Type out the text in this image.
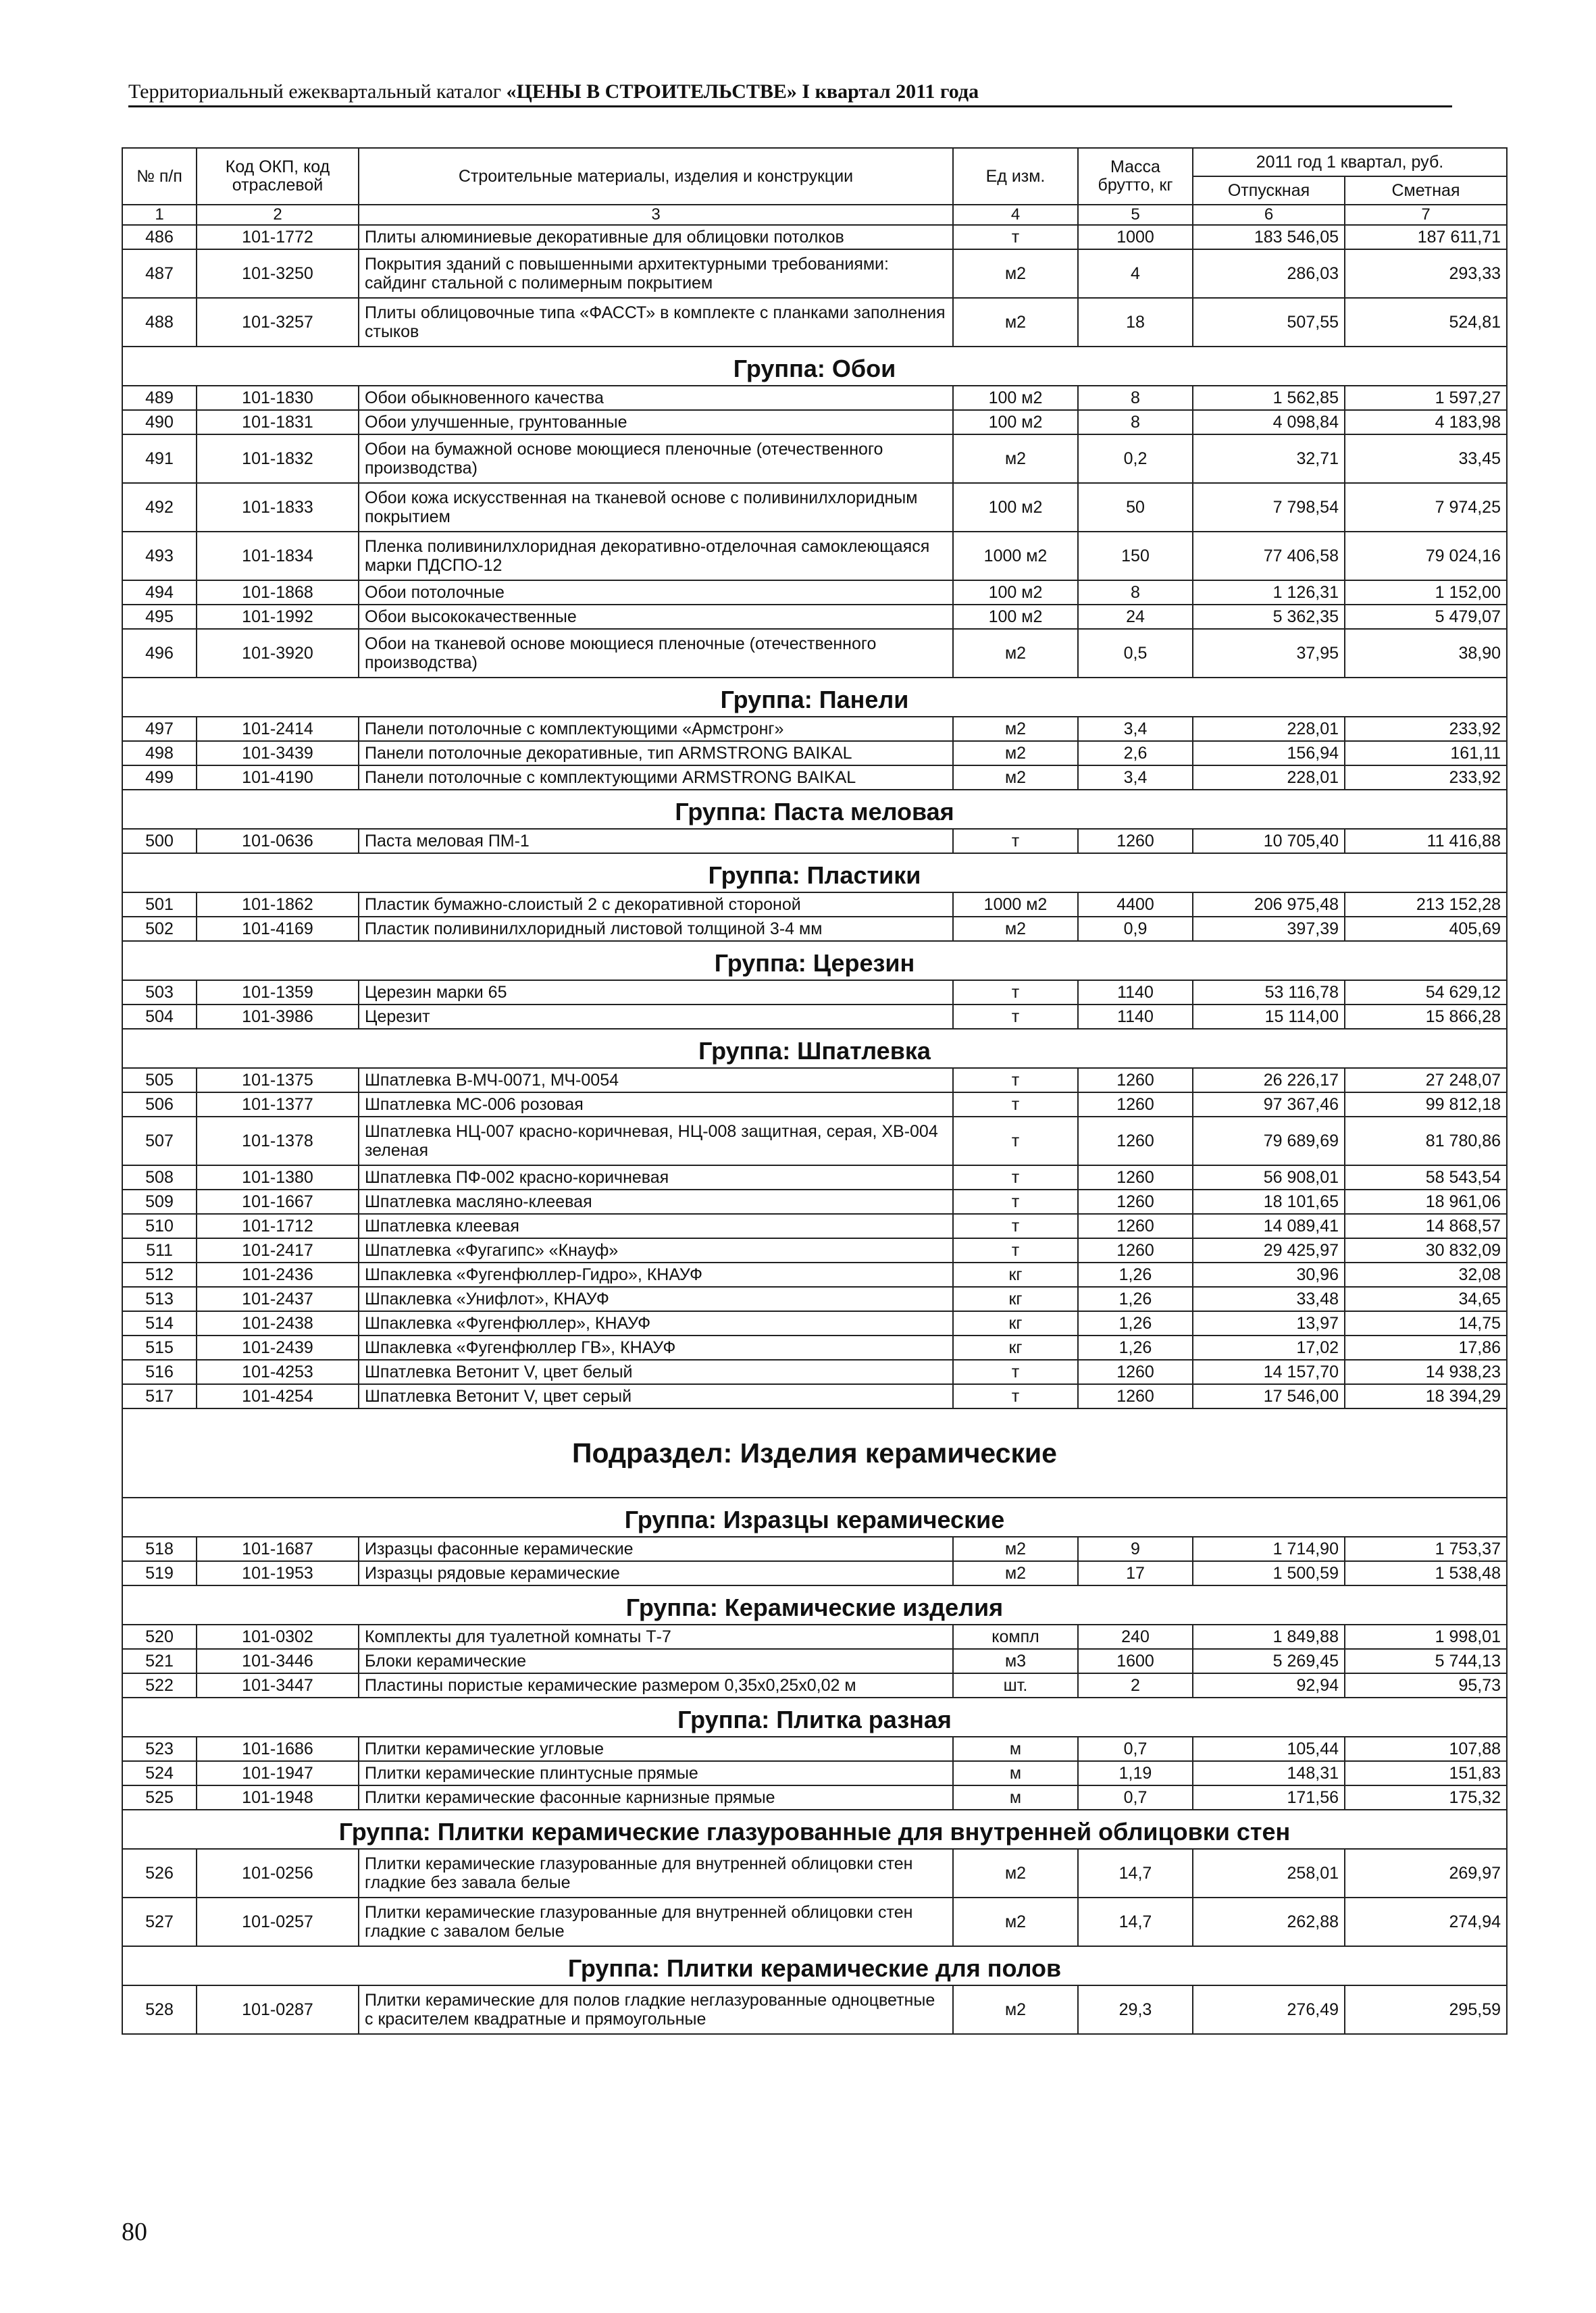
Территориальный ежеквартальный каталог «ЦЕНЫ В СТРОИТЕЛЬСТВЕ» I квартал 2011 года
№ п/п	Код ОКП, код отраслевой	Строительные материалы, изделия и конструкции	Ед изм.	Масса брутто, кг	2011 год 1 квартал, руб.	
					Отпускная	Сметная
1	2	3	4	5	6	7
486	101-1772	Плиты алюминиевые декоративные для облицовки потолков	т	1000	183 546,05	187 611,71
487	101-3250	Покрытия зданий с повышенными архитектурными требованиями: сайдинг стальной с полимерным покрытием	м2	4	286,03	293,33
488	101-3257	Плиты облицовочные типа «ФАССТ» в комплекте с планками заполнения стыков	м2	18	507,55	524,81
Группа: Обои						
489	101-1830	Обои обыкновенного качества	100 м2	8	1 562,85	1 597,27
490	101-1831	Обои улучшенные, грунтованные	100 м2	8	4 098,84	4 183,98
491	101-1832	Обои на бумажной основе моющиеся пленочные (отечественного производства)	м2	0,2	32,71	33,45
492	101-1833	Обои кожа искусственная на тканевой основе с поливинилхлоридным покрытием	100 м2	50	7 798,54	7 974,25
493	101-1834	Пленка поливинилхлоридная декоративно-отделочная самоклеющаяся марки ПДСПО-12	1000 м2	150	77 406,58	79 024,16
494	101-1868	Обои потолочные	100 м2	8	1 126,31	1 152,00
495	101-1992	Обои высококачественные	100 м2	24	5 362,35	5 479,07
496	101-3920	Обои на тканевой основе моющиеся пленочные (отечественного производства)	м2	0,5	37,95	38,90
Группа: Панели						
497	101-2414	Панели потолочные с комплектующими «Армстронг»	м2	3,4	228,01	233,92
498	101-3439	Панели потолочные декоративные, тип ARMSTRONG BAIKAL	м2	2,6	156,94	161,11
499	101-4190	Панели потолочные с комплектующими ARMSTRONG BAIKAL	м2	3,4	228,01	233,92
Группа: Паста меловая						
500	101-0636	Паста меловая ПМ-1	т	1260	10 705,40	11 416,88
Группа: Пластики						
501	101-1862	Пластик бумажно-слоистый 2 с декоративной стороной	1000 м2	4400	206 975,48	213 152,28
502	101-4169	Пластик поливинилхлоридный листовой толщиной 3-4 мм	м2	0,9	397,39	405,69
Группа: Церезин						
503	101-1359	Церезин марки 65	т	1140	53 116,78	54 629,12
504	101-3986	Церезит	т	1140	15 114,00	15 866,28
Группа: Шпатлевка						
505	101-1375	Шпатлевка В-МЧ-0071, МЧ-0054	т	1260	26 226,17	27 248,07
506	101-1377	Шпатлевка МС-006 розовая	т	1260	97 367,46	99 812,18
507	101-1378	Шпатлевка НЦ-007 красно-коричневая, НЦ-008 защитная, серая, ХВ-004 зеленая	т	1260	79 689,69	81 780,86
508	101-1380	Шпатлевка ПФ-002 красно-коричневая	т	1260	56 908,01	58 543,54
509	101-1667	Шпатлевка масляно-клеевая	т	1260	18 101,65	18 961,06
510	101-1712	Шпатлевка клеевая	т	1260	14 089,41	14 868,57
511	101-2417	Шпатлевка «Фугагипс» «Кнауф»	т	1260	29 425,97	30 832,09
512	101-2436	Шпаклевка «Фугенфюллер-Гидро», КНАУФ	кг	1,26	30,96	32,08
513	101-2437	Шпаклевка «Унифлот», КНАУФ	кг	1,26	33,48	34,65
514	101-2438	Шпаклевка «Фугенфюллер», КНАУФ	кг	1,26	13,97	14,75
515	101-2439	Шпаклевка «Фугенфюллер ГВ», КНАУФ	кг	1,26	17,02	17,86
516	101-4253	Шпатлевка Ветонит V, цвет белый	т	1260	14 157,70	14 938,23
517	101-4254	Шпатлевка Ветонит V, цвет серый	т	1260	17 546,00	18 394,29
Подраздел: Изделия керамические						
Группа: Изразцы керамические						
518	101-1687	Изразцы фасонные керамические	м2	9	1 714,90	1 753,37
519	101-1953	Изразцы рядовые керамические	м2	17	1 500,59	1 538,48
Группа: Керамические изделия						
520	101-0302	Комплекты для туалетной комнаты Т-7	компл	240	1 849,88	1 998,01
521	101-3446	Блоки керамические	м3	1600	5 269,45	5 744,13
522	101-3447	Пластины пористые керамические размером 0,35х0,25х0,02 м	шт.	2	92,94	95,73
Группа: Плитка разная						
523	101-1686	Плитки керамические угловые	м	0,7	105,44	107,88
524	101-1947	Плитки керамические плинтусные прямые	м	1,19	148,31	151,83
525	101-1948	Плитки керамические фасонные карнизные прямые	м	0,7	171,56	175,32
Группа: Плитки керамические глазурованные для внутренней облицовки стен						
526	101-0256	Плитки керамические глазурованные для внутренней облицовки стен гладкие без завала белые	м2	14,7	258,01	269,97
527	101-0257	Плитки керамические глазурованные для внутренней облицовки стен гладкие с завалом белые	м2	14,7	262,88	274,94
Группа: Плитки керамические для полов						
528	101-0287	Плитки керамические для полов гладкие неглазурованные одноцветные с красителем квадратные и прямоугольные	м2	29,3	276,49	295,59
80
